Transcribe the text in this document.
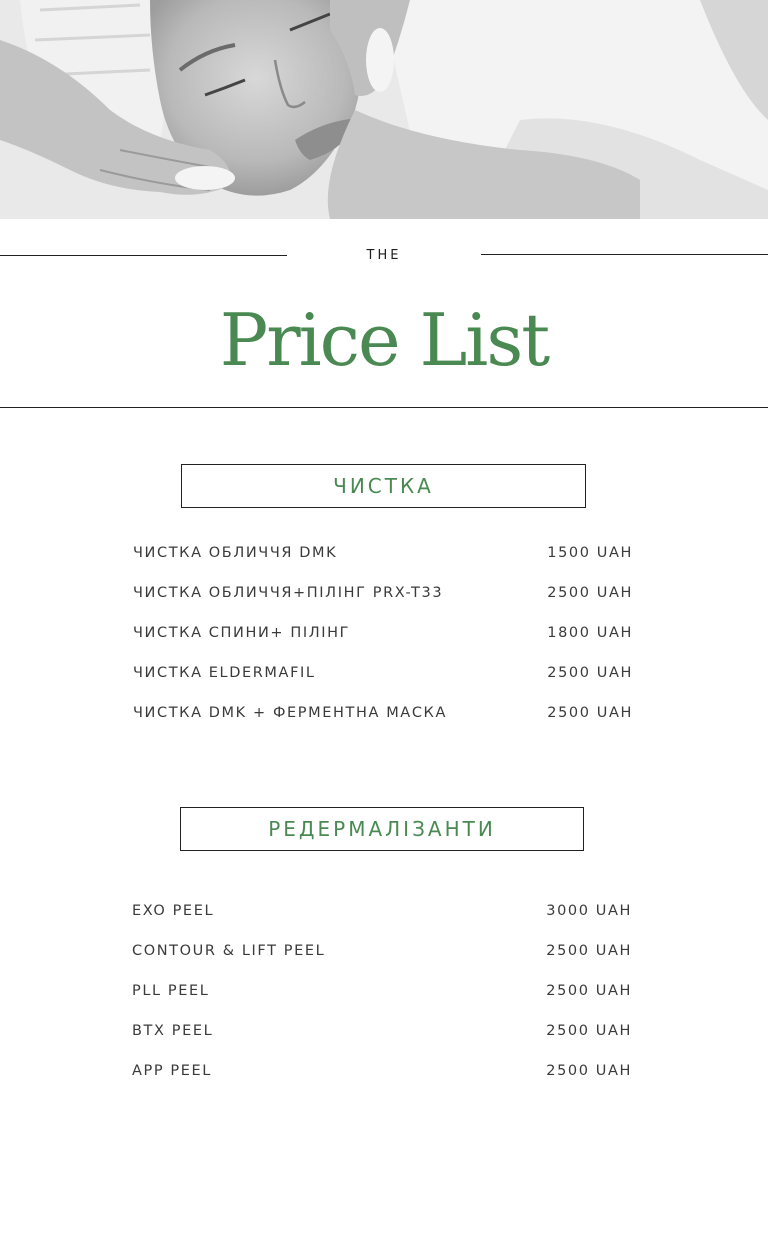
THE
Price List
ЧИСТКА
ЧИСТКА ОБЛИЧЧЯ DMK	1500 UAH
ЧИСТКА ОБЛИЧЧЯ+ПІЛІНГ PRX-T33	2500 UAH
ЧИСТКА СПИНИ+ ПІЛІНГ	1800 UAH
ЧИСТКА ELDERMAFIL	2500 UAH
ЧИСТКА DMK + ФЕРМЕНТНА МАСКА	2500 UAH
РЕДЕРМАЛІЗАНТИ
EXO PEEL	3000 UAH
CONTOUR & LIFT PEEL	2500 UAH
PLL PEEL	2500 UAH
BTX PEEL	2500 UAH
APP PEEL	2500 UAH
